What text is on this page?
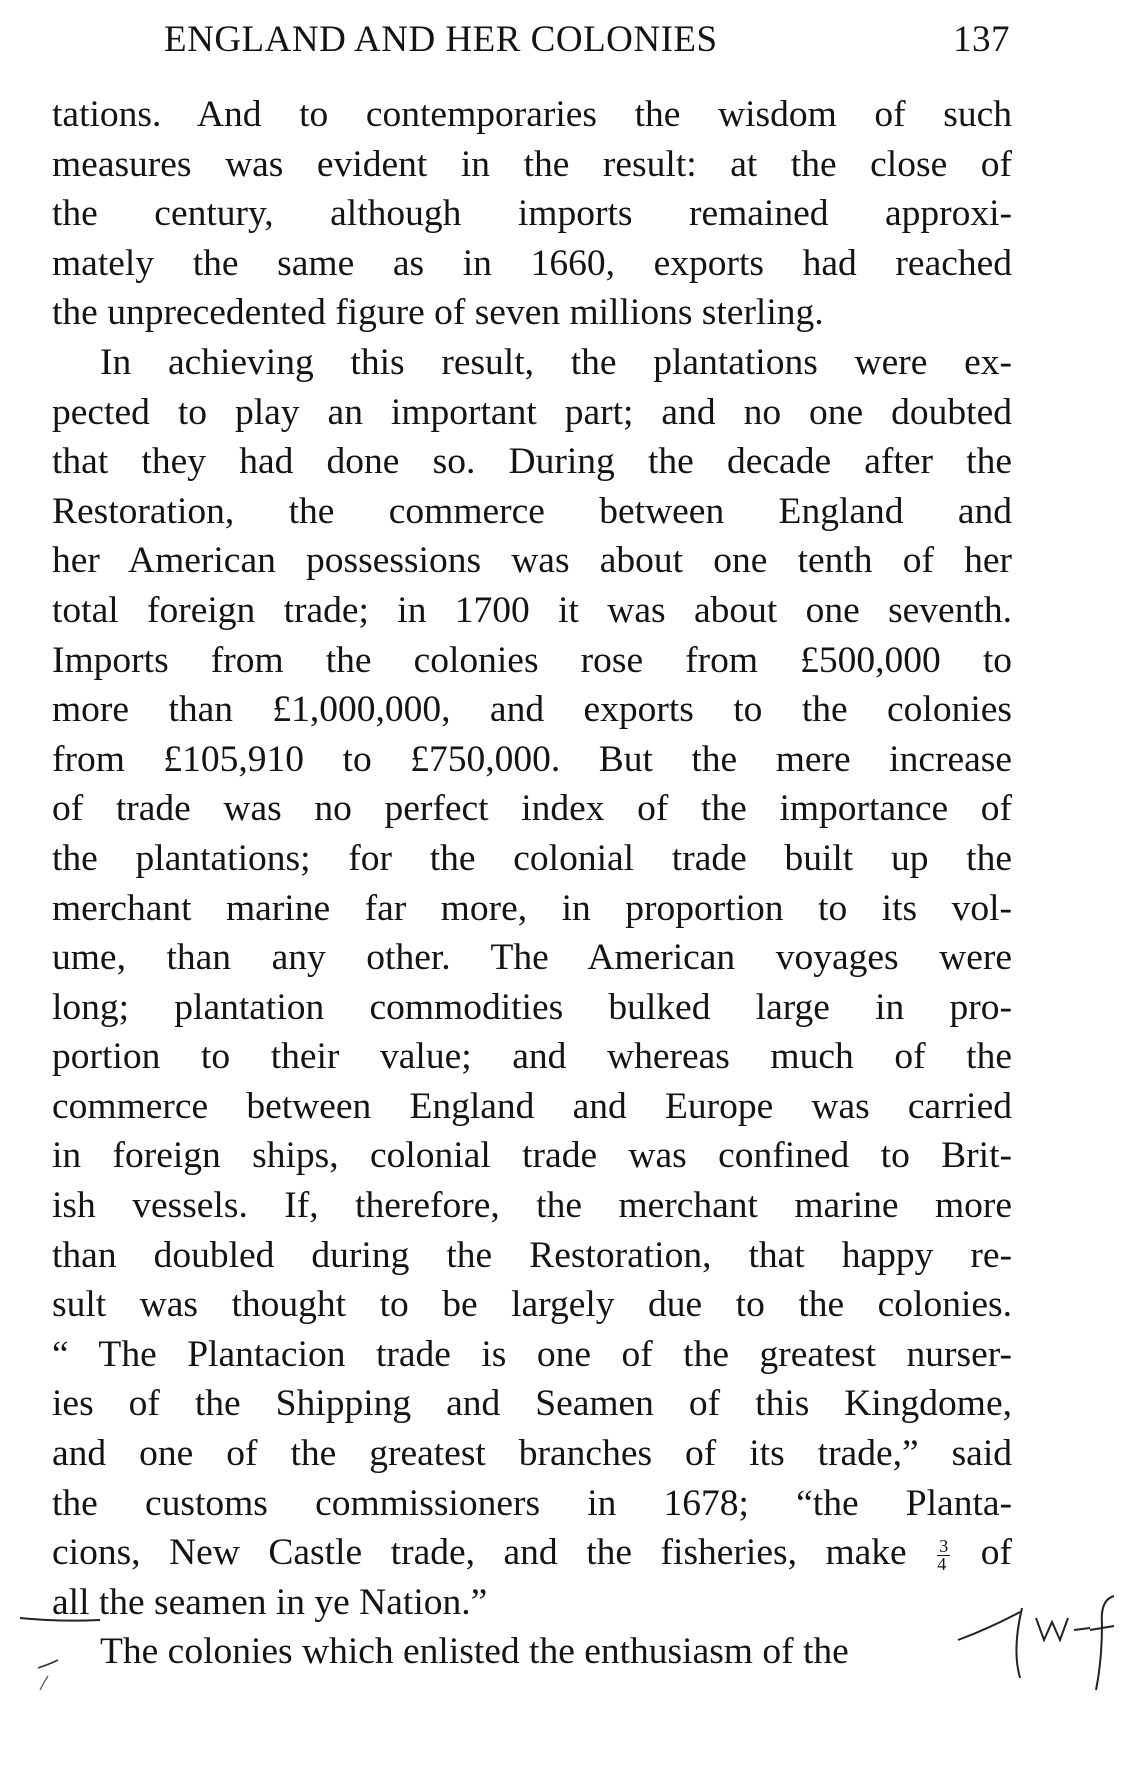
ENGLAND AND HER COLONIES	137
tations. And to contemporaries the wisdom of such
measures was evident in the result: at the close of
the century, although imports remained approxi-
mately the same as in 1660, exports had reached
the unprecedented figure of seven millions sterling.
In achieving this result, the plantations were ex-
pected to play an important part; and no one doubted
that they had done so. During the decade after the
Restoration, the commerce between England and
her American possessions was about one tenth of her
total foreign trade; in 1700 it was about one seventh.
Imports from the colonies rose from £500,000 to
more than £1,000,000, and exports to the colonies
from £105,910 to £750,000. But the mere increase
of trade was no perfect index of the importance of
the plantations; for the colonial trade built up the
merchant marine far more, in proportion to its vol-
ume, than any other. The American voyages were
long; plantation commodities bulked large in pro-
portion to their value; and whereas much of the
commerce between England and Europe was carried
in foreign ships, colonial trade was confined to Brit-
ish vessels. If, therefore, the merchant marine more
than doubled during the Restoration, that happy re-
sult was thought to be largely due to the colonies.
“ The Plantacion trade is one of the greatest nurser-
ies of the Shipping and Seamen of this Kingdome,
and one of the greatest branches of its trade,” said
the customs commissioners in 1678; “the Planta-
cions, New Castle trade, and the fisheries, make $\frac{3}{4}$ of
all the seamen in ye Nation.”
The colonies which enlisted the enthusiasm of the
